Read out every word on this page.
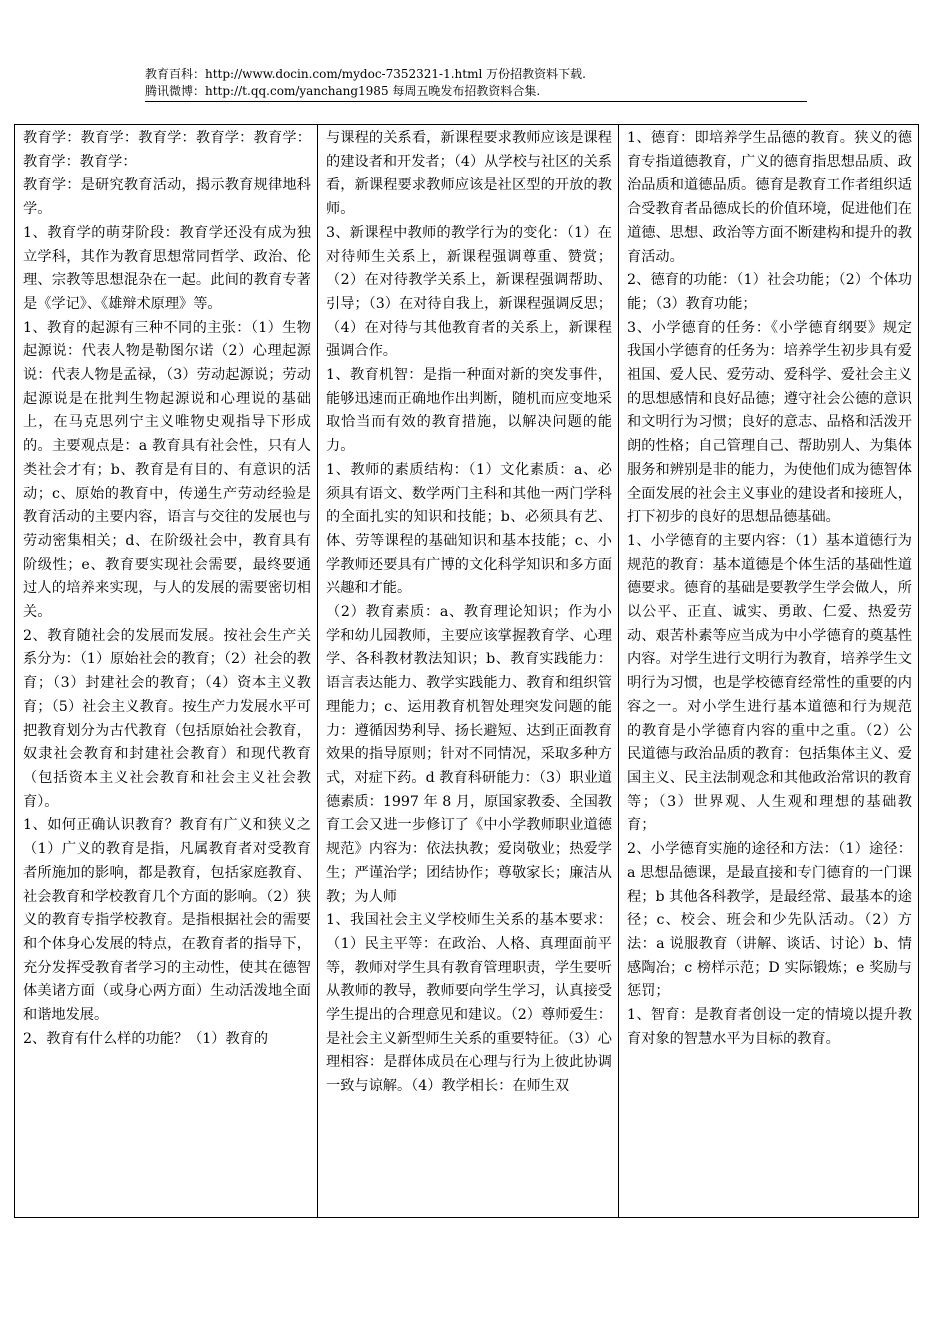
教育百科：http://www.docin.com/mydoc-7352321-1.html 万份招教资料下载.
腾讯微博：http://t.qq.com/yanchang1985 每周五晚发布招教资料合集.

教育学：教育学：教育学：教育学：教育学：教育学：教育学：

教育学：是研究教育活动，揭示教育规律地科学。

1、教育学的萌芽阶段：教育学还没有成为独立学科，其作为教育思想常同哲学、政治、伦理、宗教等思想混杂在一起。此间的教育专著是《学记》、《雄辩术原理》等。

1、教育的起源有三种不同的主张：（1）生物起源说：代表人物是勒图尔诺（2）心理起源说：代表人物是孟禄，（3）劳动起源说；劳动起源说是在批判生物起源说和心理说的基础上，在马克思列宁主义唯物史观指导下形成的。主要观点是：a 教育具有社会性，只有人类社会才有；b、教育是有目的、有意识的活动；c、原始的教育中，传递生产劳动经验是教育活动的主要内容，语言与交往的发展也与劳动密集相关；d、在阶级社会中，教育具有阶级性；e、教育要实现社会需要，最终要通过人的培养来实现，与人的发展的需要密切相关。

2、教育随社会的发展而发展。按社会生产关系分为：（1）原始社会的教育；（2）社会的教育；（3）封建社会的教育；（4）资本主义教育；（5）社会主义教育。按生产力发展水平可把教育划分为古代教育（包括原始社会教育，奴隶社会教育和封建社会教育）和现代教育（包括资本主义社会教育和社会主义社会教育）。

1、如何正确认识教育？教育有广义和狭义之（1）广义的教育是指，凡属教育者对受教育者所施加的影响，都是教育，包括家庭教育、社会教育和学校教育几个方面的影响。（2）狭义的教育专指学校教育。是指根据社会的需要和个体身心发展的特点，在教育者的指导下，充分发挥受教育者学习的主动性，使其在德智体美诸方面（或身心两方面）生动活泼地全面和谐地发展。

2、教育有什么样的功能？（1）教育的

与课程的关系看，新课程要求教师应该是课程的建设者和开发者；（4）从学校与社区的关系看，新课程要求教师应该是社区型的开放的教师。

3、新课程中教师的教学行为的变化：（1）在对待师生关系上，新课程强调尊重、赞赏；（2）在对待教学关系上，新课程强调帮助、引导；（3）在对待自我上，新课程强调反思；（4）在对待与其他教育者的关系上，新课程强调合作。

1、教育机智：是指一种面对新的突发事件，能够迅速而正确地作出判断，随机而应变地采取恰当而有效的教育措施，以解决问题的能力。

1、教师的素质结构：（1）文化素质：a、必须具有语文、数学两门主科和其他一两门学科的全面扎实的知识和技能；b、必须具有艺、体、劳等课程的基础知识和基本技能；c、小学教师还要具有广博的文化科学知识和多方面兴趣和才能。

（2）教育素质：a、教育理论知识；作为小学和幼儿园教师，主要应该掌握教育学、心理学、各科教材教法知识；b、教育实践能力：语言表达能力、教学实践能力、教育和组织管理能力；c、运用教育机智处理突发问题的能力：遵循因势利导、扬长避短、达到正面教育效果的指导原则；针对不同情况，采取多种方式，对症下药。d 教育科研能力：（3）职业道德素质：1997 年 8 月，原国家教委、全国教育工会又进一步修订了《中小学教师职业道德规范》内容为：依法执教；爱岗敬业；热爱学生；严谨治学；团结协作；尊敬家长；廉洁从教；为人师

1、我国社会主义学校师生关系的基本要求：（1）民主平等：在政治、人格、真理面前平等，教师对学生具有教育管理职责，学生要听从教师的教导，教师要向学生学习，认真接受学生提出的合理意见和建议。（2）尊师爱生：是社会主义新型师生关系的重要特征。（3）心理相容：是群体成员在心理与行为上彼此协调一致与谅解。（4）教学相长：在师生双

1、德育：即培养学生品德的教育。狭义的德育专指道德教育，广义的德育指思想品质、政治品质和道德品质。德育是教育工作者组织适合受教育者品德成长的价值环境，促进他们在道德、思想、政治等方面不断建构和提升的教育活动。

2、德育的功能：（1）社会功能；（2）个体功能；（3）教育功能；

3、小学德育的任务：《小学德育纲要》规定我国小学德育的任务为：培养学生初步具有爱祖国、爱人民、爱劳动、爱科学、爱社会主义的思想感情和良好品德；遵守社会公德的意识和文明行为习惯；良好的意志、品格和活泼开朗的性格；自己管理自己、帮助别人、为集体服务和辨别是非的能力，为使他们成为德智体全面发展的社会主义事业的建设者和接班人，打下初步的良好的思想品德基础。

1、小学德育的主要内容：（1）基本道德行为规范的教育：基本道德是个体生活的基础性道德要求。德育的基础是要教学生学会做人，所以公平、正直、诚实、勇敢、仁爱、热爱劳动、艰苦朴素等应当成为中小学德育的奠基性内容。对学生进行文明行为教育，培养学生文明行为习惯，也是学校德育经常性的重要的内容之一。对小学生进行基本道德和行为规范 的教育是小学德育内容的重中之重。（2）公民道德与政治品质的教育：包括集体主义、爱国主义、民主法制观念和其他政治常识的教育等；（3）世界观、人生观和理想的基础教育；

2、小学德育实施的途径和方法：（1）途径：a 思想品德课，是最直接和专门德育的一门课程；b 其他各科教学，是最经常、最基本的途径；c、校会、班会和少先队活动。（2）方法：a 说服教育（讲解、谈话、讨论）b、情感陶冶；c 榜样示范；D 实际锻炼；e 奖励与惩罚；

1、智育：是教育者创设一定的情境以提升教育对象的智慧水平为目标的教育。
